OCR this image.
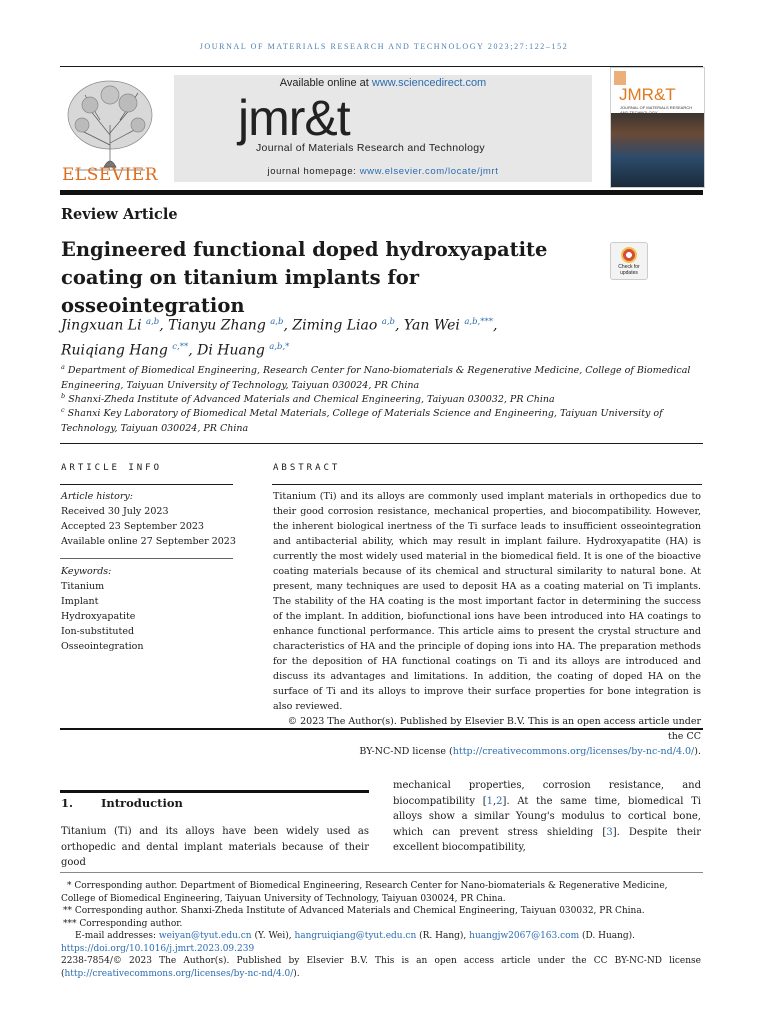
JOURNAL OF MATERIALS RESEARCH AND TECHNOLOGY 2023;27:122–152
ELSEVIER
Available online at www.sciencedirect.com
jmr&t
Journal of Materials Research and Technology
journal homepage: www.elsevier.com/locate/jmrt
JMR&T
JOURNAL OF MATERIALS RESEARCH AND TECHNOLOGY
Review Article
Engineered functional doped hydroxyapatite
coating on titanium implants for osseointegration
Check for updates
Jingxuan Li $^{a,b}$, Tianyu Zhang $^{a,b}$, Ziming Liao $^{a,b}$, Yan Wei $^{a,b,***}$,
Ruiqiang Hang $^{c,**}$, Di Huang $^{a,b,*}$
$^a$ Department of Biomedical Engineering, Research Center for Nano-biomaterials & Regenerative Medicine, College of Biomedical Engineering, Taiyuan University of Technology, Taiyuan 030024, PR China
$^b$ Shanxi-Zheda Institute of Advanced Materials and Chemical Engineering, Taiyuan 030032, PR China
$^c$ Shanxi Key Laboratory of Biomedical Metal Materials, College of Materials Science and Engineering, Taiyuan University of Technology, Taiyuan 030024, PR China
ARTICLE INFO
Article history:
Received 30 July 2023
Accepted 23 September 2023
Available online 27 September 2023
Keywords:
Titanium
Implant
Hydroxyapatite
Ion-substituted
Osseointegration
ABSTRACT

Titanium (Ti) and its alloys are commonly used implant materials in orthopedics due to their good corrosion resistance, mechanical properties, and biocompatibility. However, the inherent biological inertness of the Ti surface leads to insufficient osseointegration and antibacterial ability, which may result in implant failure. Hydroxyapatite (HA) is currently the most widely used material in the biomedical field. It is one of the bioactive coating materials because of its chemical and structural similarity to natural bone. At present, many techniques are used to deposit HA as a coating material on Ti implants. The stability of the HA coating is the most important factor in determining the success of the implant. In addition, biofunctional ions have been introduced into HA coatings to enhance functional performance. This article aims to present the crystal structure and characteristics of HA and the principle of doping ions into HA. The preparation methods for the deposition of HA functional coatings on Ti and its alloys are introduced and discuss its advantages and limitations. In addition, the coating of doped HA on the surface of Ti and its alloys to improve their surface properties for bone integration is also reviewed.

© 2023 The Author(s). Published by Elsevier B.V. This is an open access article under the CC

BY-NC-ND license (http://creativecommons.org/licenses/by-nc-nd/4.0/).

1. Introduction
Titanium (Ti) and its alloys have been widely used as orthopedic and dental implant materials because of their good
mechanical properties, corrosion resistance, and biocompatibility [1,2]. At the same time, biomedical Ti alloys show a similar Young's modulus to cortical bone, which can prevent stress shielding [3]. Despite their excellent biocompatibility,

* Corresponding author. Department of Biomedical Engineering, Research Center for Nano-biomaterials & Regenerative Medicine, College of Biomedical Engineering, Taiyuan University of Technology, Taiyuan 030024, PR China.

** Corresponding author. Shanxi-Zheda Institute of Advanced Materials and Chemical Engineering, Taiyuan 030032, PR China.

*** Corresponding author.

E-mail addresses: weiyan@tyut.edu.cn (Y. Wei), hangruiqiang@tyut.edu.cn (R. Hang), huangjw2067@163.com (D. Huang).

https://doi.org/10.1016/j.jmrt.2023.09.239

2238-7854/© 2023 The Author(s). Published by Elsevier B.V. This is an open access article under the CC BY-NC-ND license (http://creativecommons.org/licenses/by-nc-nd/4.0/).
